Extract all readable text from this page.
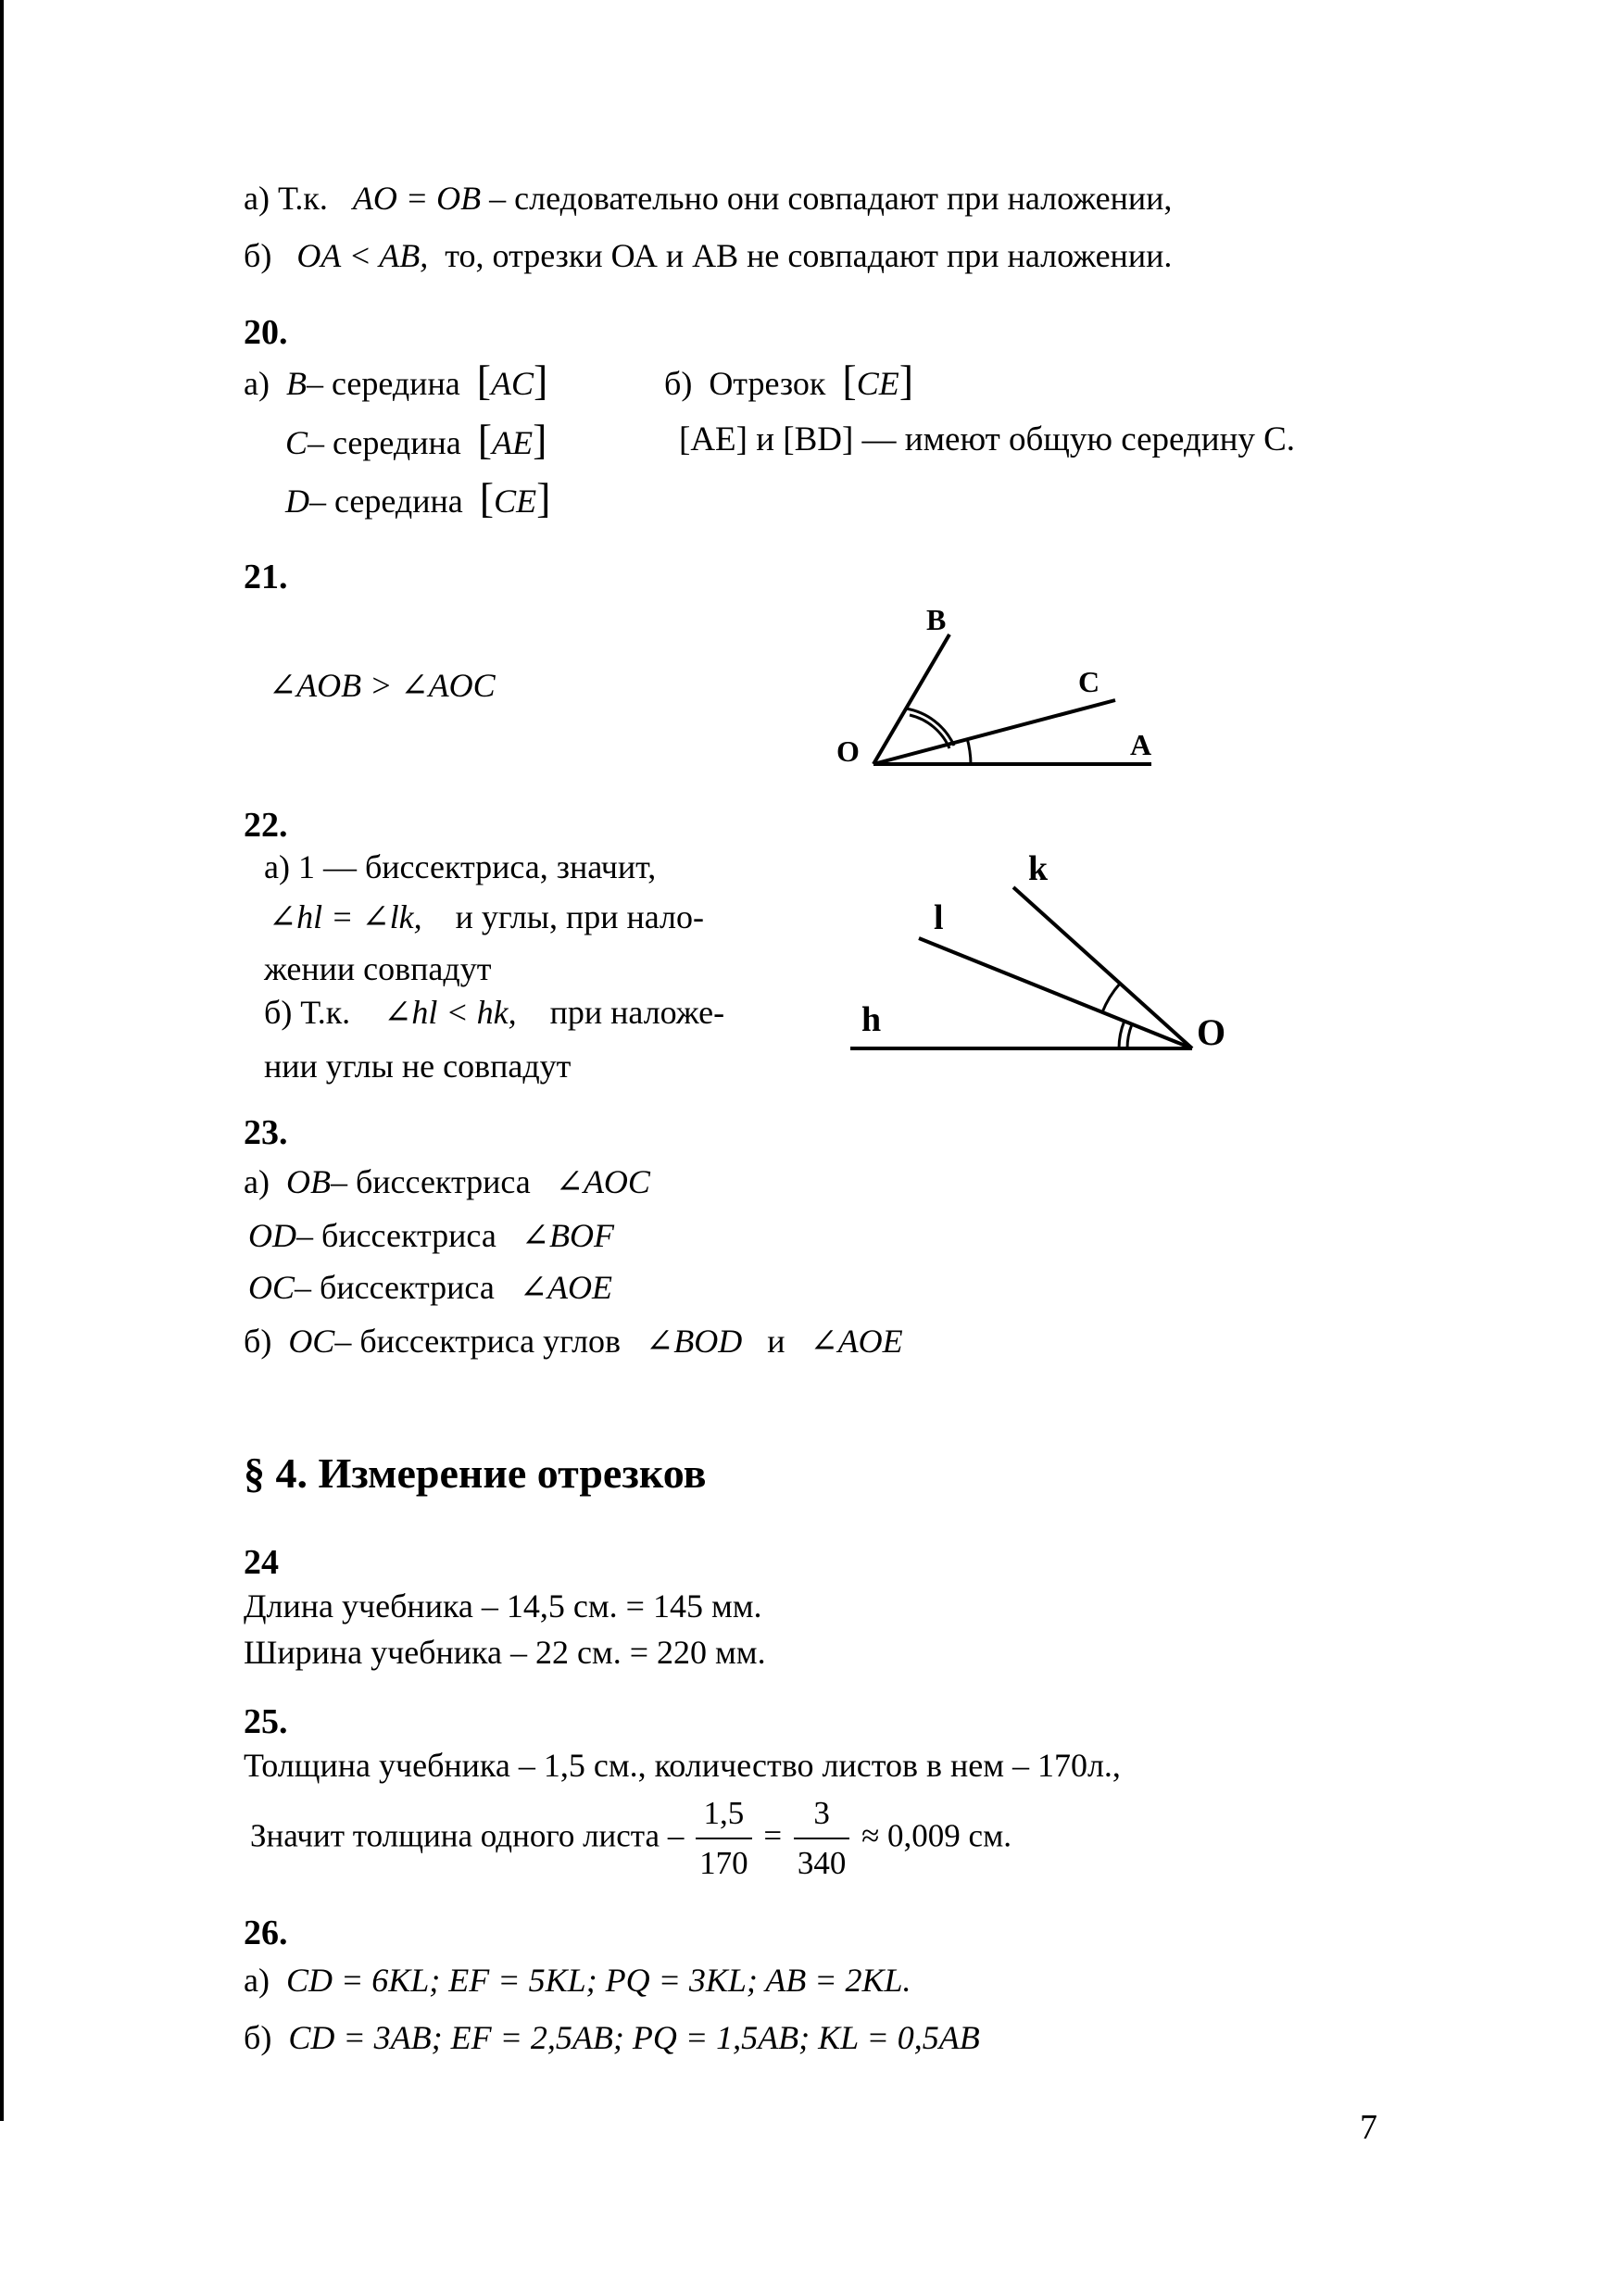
а) Т.к. AO = OB – следовательно они совпадают при наложении,
б) OA < AB, то, отрезки ОА и АВ не совпадают при наложении.
20.
а) B– середина [AC]
C– середина [AE]
D– середина [CE]
б) Отрезок [CE]
[AE] и [BD] — имеют общую середину С.
21.
∠AOB > ∠AOC
B
C
O	A
22.
а) 1 — биссектриса, значит,
∠hl = ∠lk, и углы, при нало-
жении совпадут
б) Т.к. ∠hl < hk, при наложе-
нии углы не совпадут
k
l
h	O
23.
а) OB– биссектриса ∠AOC
OD– биссектриса ∠BOF
OC– биссектриса ∠AOE
б) OC– биссектриса углов ∠BOD и ∠AOE
§ 4. Измерение отрезков
24
Длина учебника – 14,5 см. = 145 мм.
Ширина учебника – 22 см. = 220 мм.
25.
Толщина учебника – 1,5 см., количество листов в нем – 170л.,
Значит толщина одного листа – $\frac{1,5}{170} = \frac{3}{340} \approx 0,009$ см.
26.
а) CD = 6KL; EF = 5KL; PQ = 3KL; AB = 2KL.
б) CD = 3AB; EF = 2,5AB; PQ = 1,5AB; KL = 0,5AB
7
